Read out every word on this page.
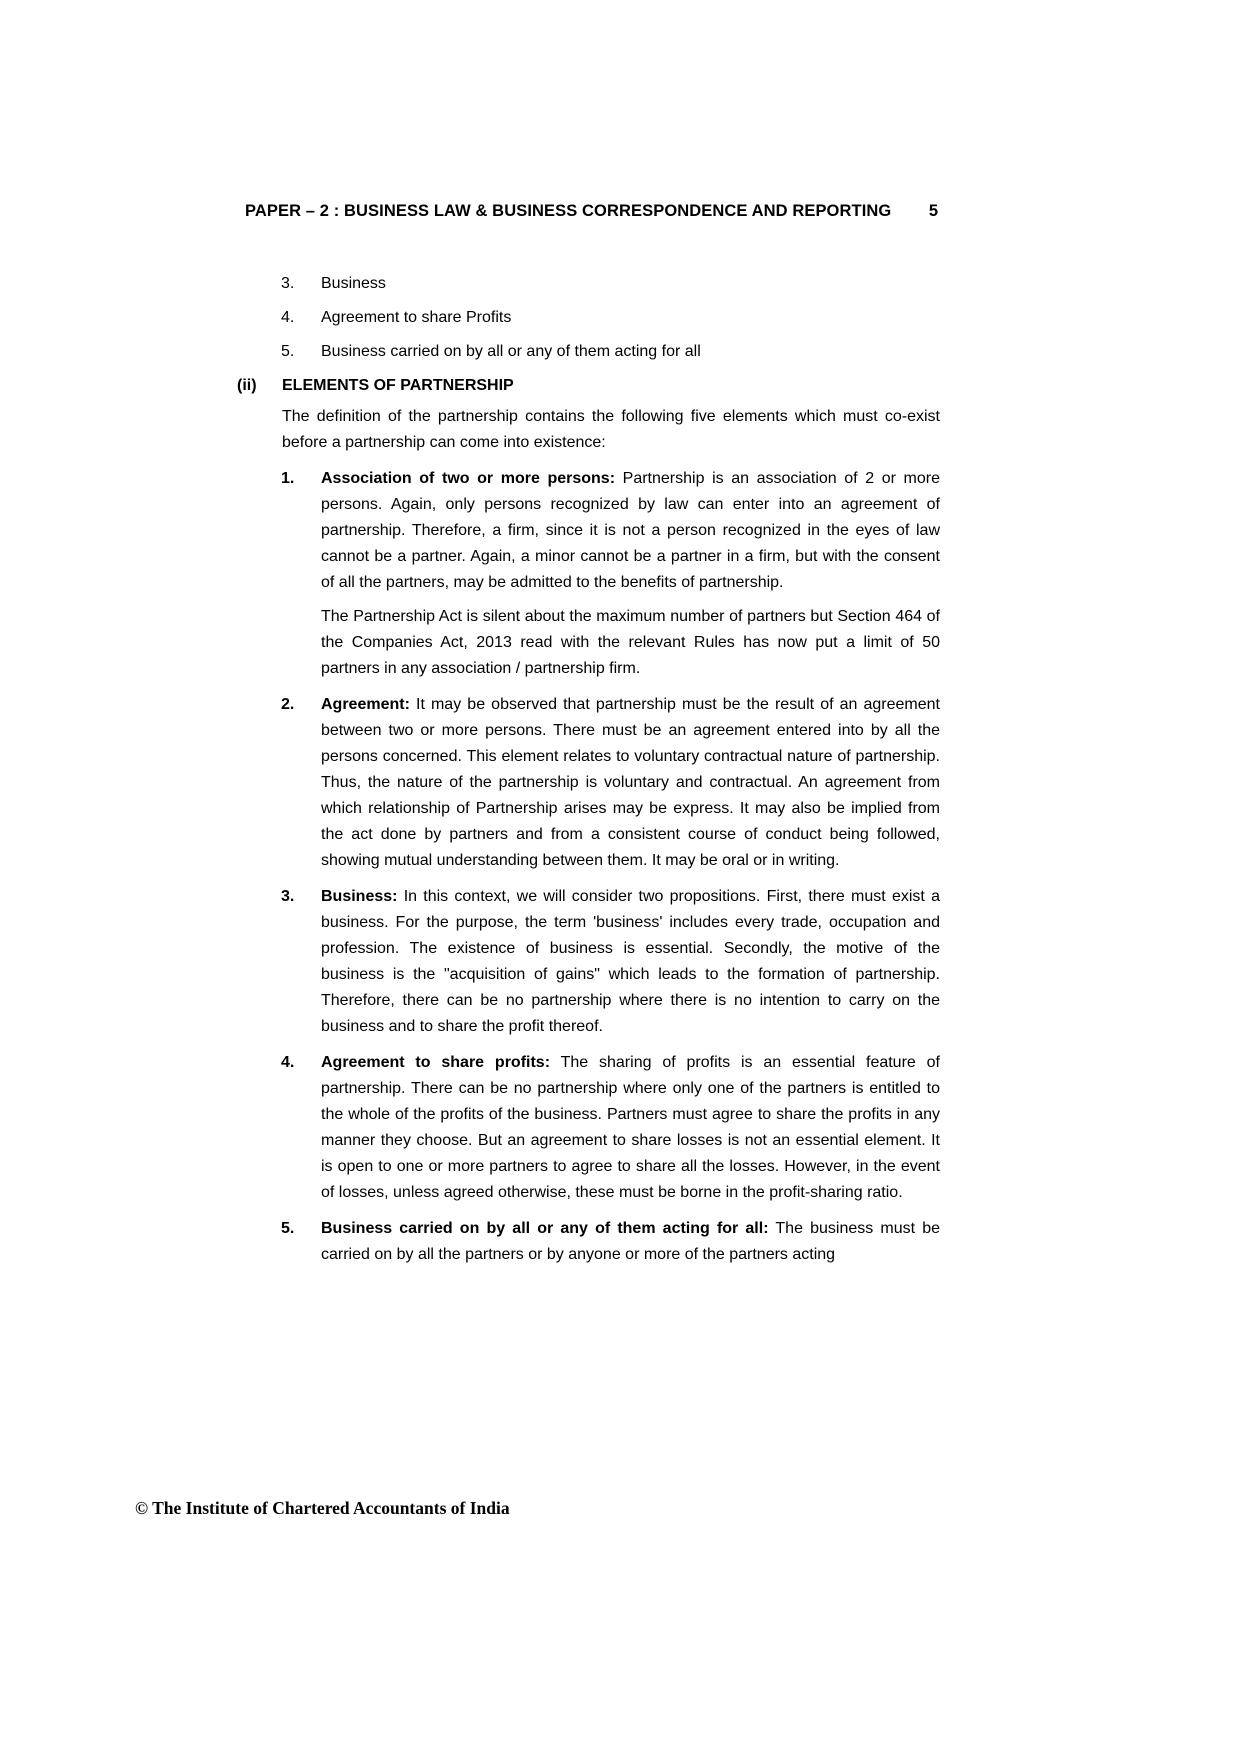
PAPER – 2 : BUSINESS LAW & BUSINESS CORRESPONDENCE AND REPORTING 5
3.	Business
4.	Agreement to share Profits
5.	Business carried on by all or any of them acting for all
(ii)	ELEMENTS OF PARTNERSHIP

The definition of the partnership contains the following five elements which must co-exist before a partnership can come into existence:

1.	Association of two or more persons: Partnership is an association of 2 or more persons. Again, only persons recognized by law can enter into an agreement of partnership. Therefore, a firm, since it is not a person recognized in the eyes of law cannot be a partner. Again, a minor cannot be a partner in a firm, but with the consent of all the partners, may be admitted to the benefits of partnership.

The Partnership Act is silent about the maximum number of partners but Section 464 of the Companies Act, 2013 read with the relevant Rules has now put a limit of 50 partners in any association / partnership firm.

2.	Agreement: It may be observed that partnership must be the result of an agreement between two or more persons. There must be an agreement entered into by all the persons concerned. This element relates to voluntary contractual nature of partnership. Thus, the nature of the partnership is voluntary and contractual. An agreement from which relationship of Partnership arises may be express. It may also be implied from the act done by partners and from a consistent course of conduct being followed, showing mutual understanding between them. It may be oral or in writing.

3.	Business: In this context, we will consider two propositions. First, there must exist a business. For the purpose, the term 'business' includes every trade, occupation and profession. The existence of business is essential. Secondly, the motive of the business is the "acquisition of gains" which leads to the formation of partnership. Therefore, there can be no partnership where there is no intention to carry on the business and to share the profit thereof.

4.	Agreement to share profits: The sharing of profits is an essential feature of partnership. There can be no partnership where only one of the partners is entitled to the whole of the profits of the business. Partners must agree to share the profits in any manner they choose. But an agreement to share losses is not an essential element. It is open to one or more partners to agree to share all the losses. However, in the event of losses, unless agreed otherwise, these must be borne in the profit-sharing ratio.

5.	Business carried on by all or any of them acting for all: The business must be carried on by all the partners or by anyone or more of the partners acting

© The Institute of Chartered Accountants of India
